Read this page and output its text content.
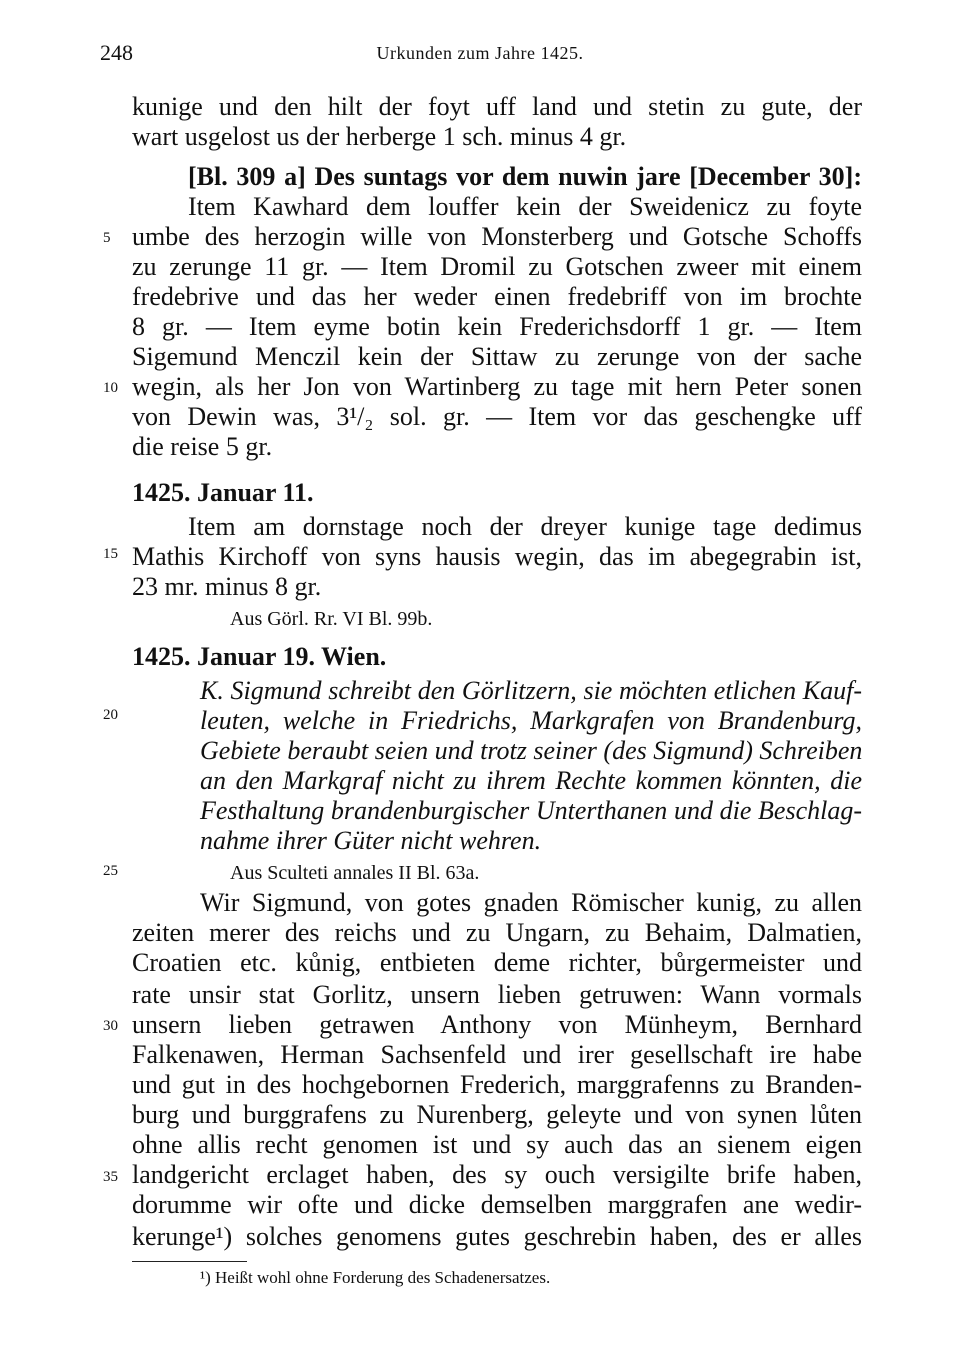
248	Urkunden zum Jahre 1425.
5
10
15
20
25
30
35
kunige und den hilt der foyt uff land und stetin zu gute, der
wart usgelost us der herberge 1 sch. minus 4 gr.
[Bl. 309 a] Des suntags vor dem nuwin jare [December 30]:
Item Kawhard dem louffer kein der Sweidenicz zu foyte
umbe des herzogin wille von Monsterberg und Gotsche Schoffs
zu zerunge 11 gr. — Item Dromil zu Gotschen zweer mit einem
fredebrive und das her weder einen fredebriff von im brochte
8 gr. — Item eyme botin kein Frederichsdorff 1 gr. — Item
Sigemund Menczil kein der Sittaw zu zerunge von der sache
wegin, als her Jon von Wartinberg zu tage mit hern Peter sonen
von Dewin was, 3¹/₂ sol. gr. — Item vor das geschengke uff
die reise 5 gr.
1425. Januar 11.
Item am dornstage noch der dreyer kunige tage dedimus
Mathis Kirchoff von syns hausis wegin, das im abegegrabin ist,
23 mr. minus 8 gr.
Aus Görl. Rr. VI Bl. 99b.
1425. Januar 19. Wien.
K. Sigmund schreibt den Görlitzern, sie möchten etlichen Kauf-
leuten, welche in Friedrichs, Markgrafen von Brandenburg,
Gebiete beraubt seien und trotz seiner (des Sigmund) Schreiben
an den Markgraf nicht zu ihrem Rechte kommen könnten, die
Festhaltung brandenburgischer Unterthanen und die Beschlag-
nahme ihrer Güter nicht wehren.
Aus Sculteti annales II Bl. 63a.
Wir Sigmund, von gotes gnaden Römischer kunig, zu allen
zeiten merer des reichs und zu Ungarn, zu Behaim, Dalmatien,
Croatien etc. kůnig, entbieten deme richter, bůrgermeister und
rate unsir stat Gorlitz, unsern lieben getruwen: Wann vormals
unsern lieben getrawen Anthony von Münheym, Bernhard
Falkenawen, Herman Sachsenfeld und irer gesellschaft ire habe
und gut in des hochgebornen Frederich, marggrafenns zu Branden-
burg und burggrafens zu Nurenberg, geleyte und von synen lůten
ohne allis recht genomen ist und sy auch das an sienem eigen
landgericht erclaget haben, des sy ouch versigilte brife haben,
dorumme wir ofte und dicke demselben marggrafen ane wedir-
kerunge¹) solches genomens gutes geschrebin haben, des er alles
¹) Heißt wohl ohne Forderung des Schadenersatzes.
